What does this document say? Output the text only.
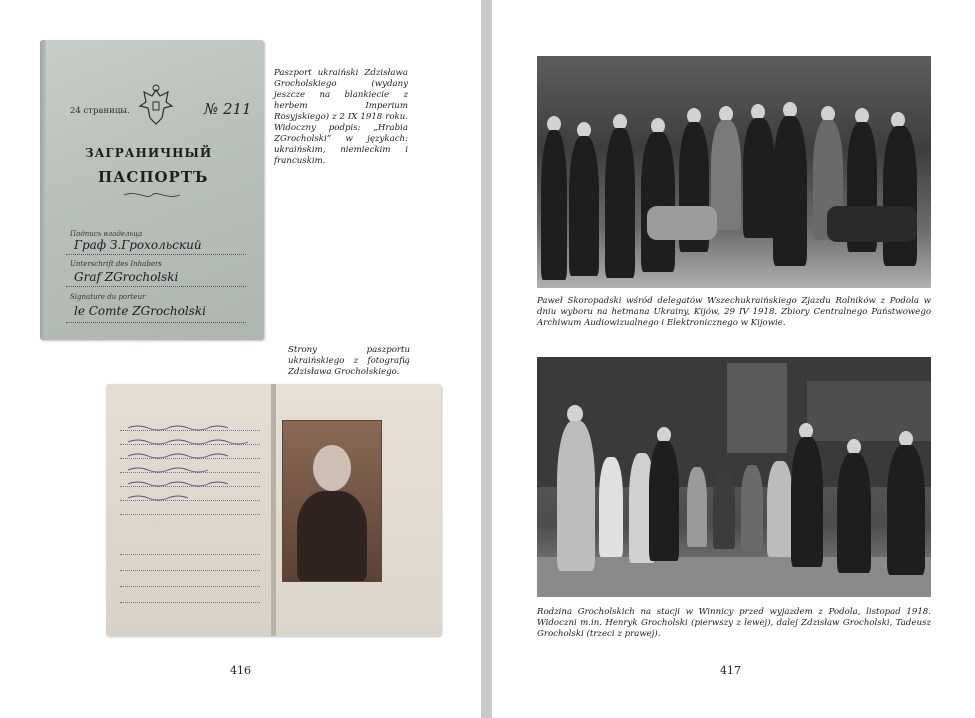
24 страницы.	№ 211
ЗАГРАНИЧНЫЙ
ПАСПОРТЪ
Подпись владельца
Граф З.Грохольский
Unterschrift des Inhabers
Graf ZGrocholski
Signature du porteur
le Comte ZGrocholski
Paszport ukraiński Zdzisława Grocholskiego (wydany jeszcze na blankiecie z herbem Imperium Rosyjskiego) z 2 IX 1918 roku. Widoczny podpis: „Hrabia ZGrocholski” w językach: ukraińskim, niemieckim i francuskim.
Strony paszportu ukraińskiego z fotografią Zdzisława Grocholskiego.
416
Paweł Skoropadski wśród delegatów Wszechukraińskiego Zjazdu Rolników z Podola w dniu wyboru na hetmana Ukrainy, Kijów, 29 IV 1918. Zbiory Centralnego Państwowego Archiwum Audiowizualnego i Elektronicznego w Kijowie.
Rodzina Grocholskich na stacji w Winnicy przed wyjazdem z Podola, listopad 1918. Widoczni m.in. Henryk Grocholski (pierwszy z lewej), dalej Zdzisław Grocholski, Tadeusz Grocholski (trzeci z prawej).
417
